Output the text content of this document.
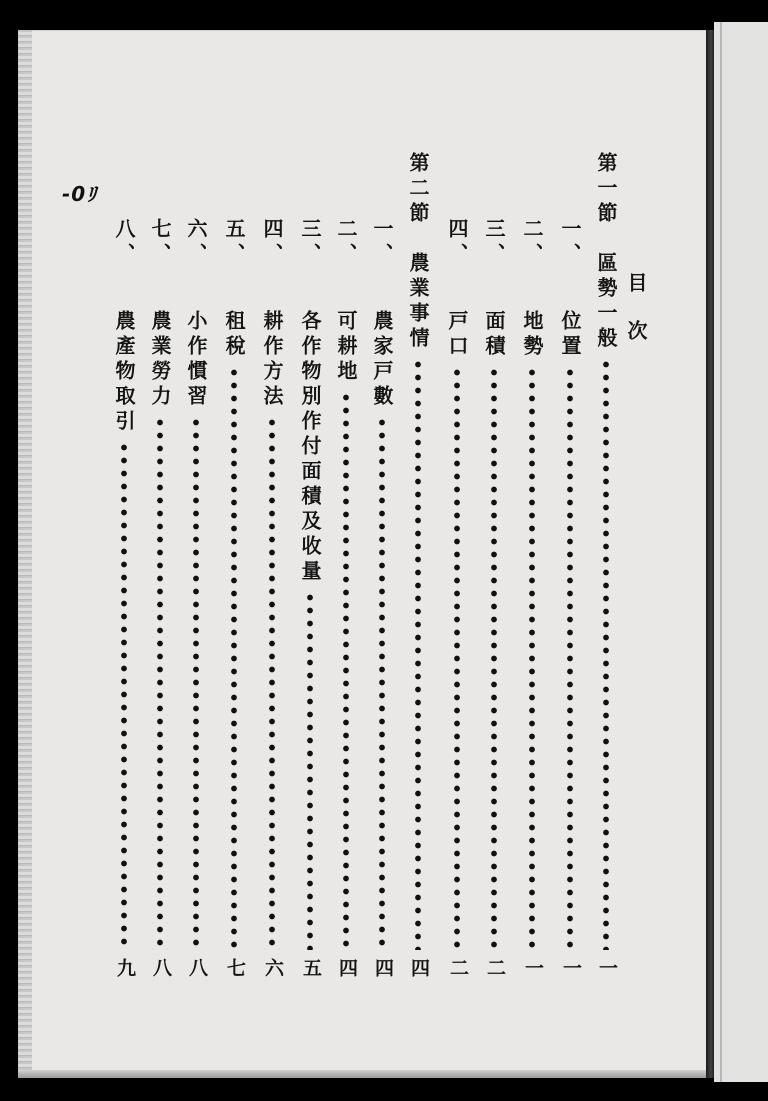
目次
-0ﾘ	第一節　區勢一般
一
一、位置
一
二、地勢
一
三、面積
二
四、戸口
二
第二節　農業事情
四
一、農家戸數
四
二、可耕地
四
三、各作物別作付面積及收量
五
四、耕作方法
六
五、租稅
七
六、小作慣習
八
七、農業勞力
八
八、農產物取引
九
